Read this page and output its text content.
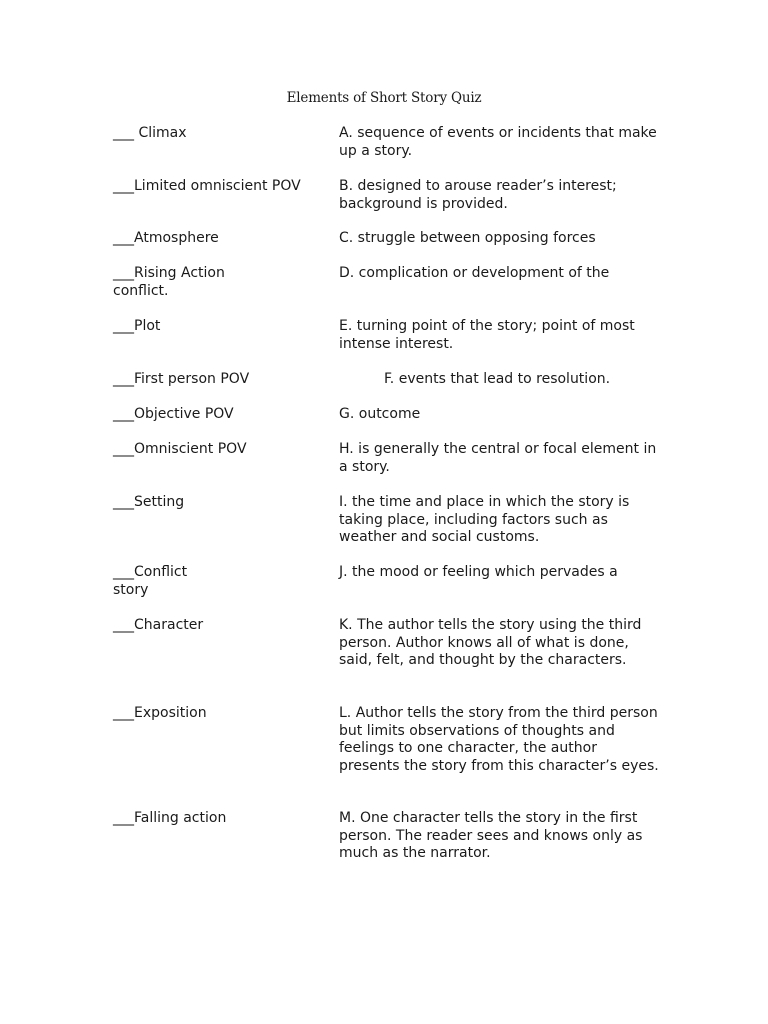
Elements of Short Story Quiz
___ Climax	A. sequence of events or incidents that make up a story.
___Limited omniscient POV	B. designed to arouse reader’s interest; background is provided.
___Atmosphere	C. struggle between opposing forces
___Rising Action	D. complication or development of the
conflict.
___Plot	E. turning point of the story; point of most intense interest.
___First person POV	F. events that lead to resolution.
___Objective POV	G. outcome
___Omniscient POV	H. is generally the central or focal element in a story.
___Setting	I. the time and place in which the story is taking place, including factors such as weather and social customs.
___Conflict	J. the mood or feeling which pervades a
story
___Character	K. The author tells the story using the third person. Author knows all of what is done, said, felt, and thought by the characters.
___Exposition	L. Author tells the story from the third person but limits observations of thoughts and feelings to one character, the author presents the story from this character’s eyes.
___Falling action	M. One character tells the story in the first person. The reader sees and knows only as much as the narrator.
